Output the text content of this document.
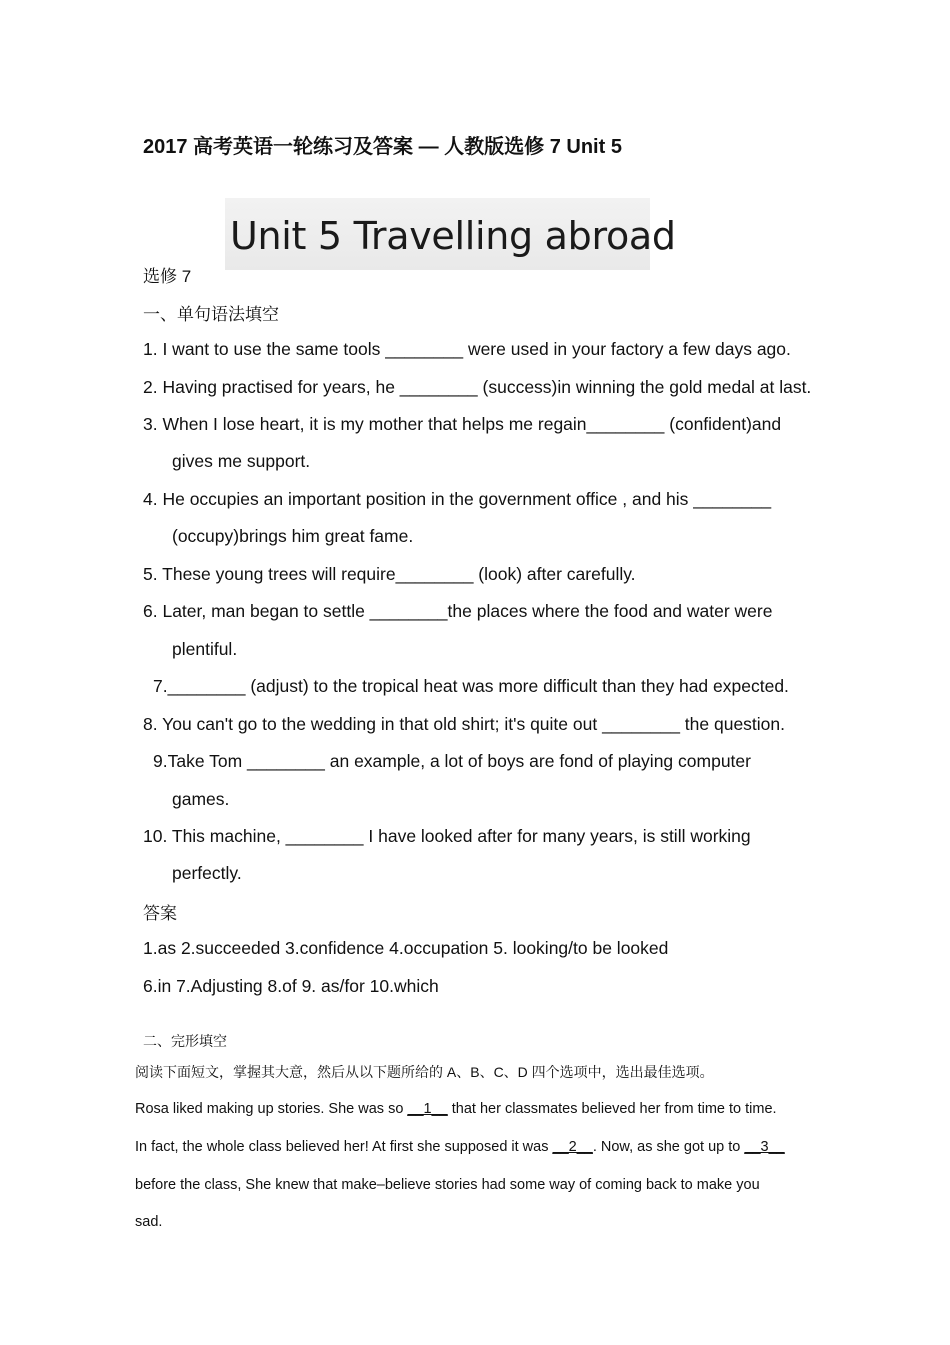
2017 高考英语一轮练习及答案 — 人教版选修 7 Unit 5
Unit 5 Travelling abroad
选修 7
一、单句语法填空
1. I want to use the same tools ________ were used in your factory a few days ago.
2. Having practised for years, he ________ (success)in winning the gold medal at last.
3. When I lose heart, it is my mother that helps me regain________ (confident)and
gives me support.
4. He occupies an important position in the government office , and his ________
(occupy)brings him great fame.
5. These young trees will require________ (look) after carefully.
6. Later, man began to settle ________the places where the food and water were
plentiful.
7.________ (adjust) to the tropical heat was more difficult than they had expected.
8. You can't go to the wedding in that old shirt; it's quite out ________ the question.
9.Take Tom ________ an example, a lot of boys are fond of playing computer
games.
10. This machine, ________ I have looked after for many years, is still working
perfectly.
答案
1.as 2.succeeded 3.confidence 4.occupation 5. looking/to be looked
6.in 7.Adjusting 8.of 9. as/for 10.which
二、完形填空
阅读下面短文，掌握其大意，然后从以下题所给的 A、B、C、D 四个选项中，选出最佳选项。
Rosa liked making up stories. She was so __1__ that her classmates believed her from time to time.
In fact, the whole class believed her! At first she supposed it was __2__. Now, as she got up to __3__
before the class, She knew that make–believe stories had some way of coming back to make you
sad.
